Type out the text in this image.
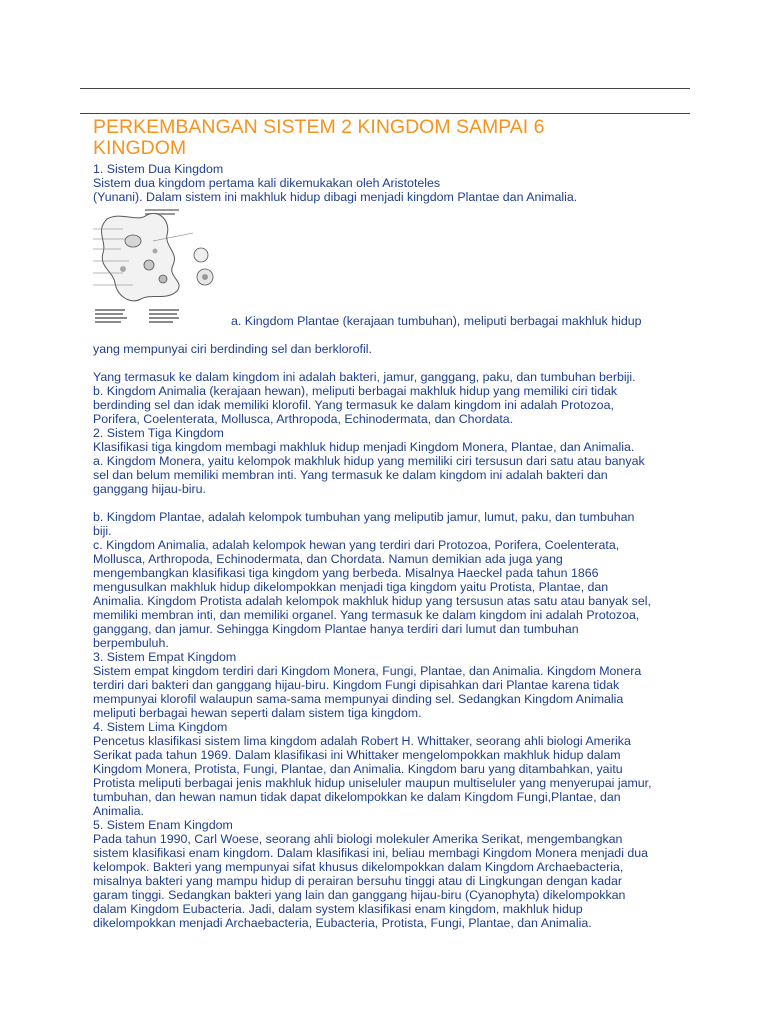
PERKEMBANGAN SISTEM 2 KINGDOM SAMPAI 6
KINGDOM
1. Sistem Dua Kingdom
Sistem dua kingdom pertama kali dikemukakan oleh Aristoteles
(Yunani). Dalam sistem ini makhluk hidup dibagi menjadi kingdom Plantae dan Animalia.
a. Kingdom Plantae (kerajaan tumbuhan), meliputi berbagai makhluk hidup
yang mempunyai ciri berdinding sel dan berklorofil.
Yang termasuk ke dalam kingdom ini adalah bakteri, jamur, ganggang, paku, dan tumbuhan berbiji.
b. Kingdom Animalia (kerajaan hewan), meliputi berbagai makhluk hidup yang memiliki ciri tidak
berdinding sel dan idak memiliki klorofil. Yang termasuk ke dalam kingdom ini adalah Protozoa,
Porifera, Coelenterata, Mollusca, Arthropoda, Echinodermata, dan Chordata.
2. Sistem Tiga Kingdom
Klasifikasi tiga kingdom membagi makhluk hidup menjadi Kingdom Monera, Plantae, dan Animalia.
a. Kingdom Monera, yaitu kelompok makhluk hidup yang memiliki ciri tersusun dari satu atau banyak
sel dan belum memiliki membran inti. Yang termasuk ke dalam kingdom ini adalah bakteri dan
ganggang hijau-biru.
b. Kingdom Plantae, adalah kelompok tumbuhan yang meliputib jamur, lumut, paku, dan tumbuhan
biji.
c. Kingdom Animalia, adalah kelompok hewan yang terdiri dari Protozoa, Porifera, Coelenterata,
Mollusca, Arthropoda, Echinodermata, dan Chordata. Namun demikian ada juga yang
mengembangkan klasifikasi tiga kingdom yang berbeda. Misalnya Haeckel pada tahun 1866
mengusulkan makhluk hidup dikelompokkan menjadi tiga kingdom yaitu Protista, Plantae, dan
Animalia. Kingdom Protista adalah kelompok makhluk hidup yang tersusun atas satu atau banyak sel,
memiliki membran inti, dan memiliki organel. Yang termasuk ke dalam kingdom ini adalah Protozoa,
ganggang, dan jamur. Sehingga Kingdom Plantae hanya terdiri dari lumut dan tumbuhan
berpembuluh.
3. Sistem Empat Kingdom
Sistem empat kingdom terdiri dari Kingdom Monera, Fungi, Plantae, dan Animalia. Kingdom Monera
terdiri dari bakteri dan ganggang hijau-biru. Kingdom Fungi dipisahkan dari Plantae karena tidak
mempunyai klorofil walaupun sama-sama mempunyai dinding sel. Sedangkan Kingdom Animalia
meliputi berbagai hewan seperti dalam sistem tiga kingdom.
4. Sistem Lima Kingdom
Pencetus klasifikasi sistem lima kingdom adalah Robert H. Whittaker, seorang ahli biologi Amerika
Serikat pada tahun 1969. Dalam klasifikasi ini Whittaker mengelompokkan makhluk hidup dalam
Kingdom Monera, Protista, Fungi, Plantae, dan Animalia. Kingdom baru yang ditambahkan, yaitu
Protista meliputi berbagai jenis makhluk hidup uniseluler maupun multiseluler yang menyerupai jamur,
tumbuhan, dan hewan namun tidak dapat dikelompokkan ke dalam Kingdom Fungi,Plantae, dan
Animalia.
5. Sistem Enam Kingdom
Pada tahun 1990, Carl Woese, seorang ahli biologi molekuler Amerika Serikat, mengembangkan
sistem klasifikasi enam kingdom. Dalam klasifikasi ini, beliau membagi Kingdom Monera menjadi dua
kelompok. Bakteri yang mempunyai sifat khusus dikelompokkan dalam Kingdom Archaebacteria,
misalnya bakteri yang mampu hidup di perairan bersuhu tinggi atau di Lingkungan dengan kadar
garam tinggi. Sedangkan bakteri yang lain dan ganggang hijau-biru (Cyanophyta) dikelompokkan
dalam Kingdom Eubacteria. Jadi, dalam system klasifikasi enam kingdom, makhluk hidup
dikelompokkan menjadi Archaebacteria, Eubacteria, Protista, Fungi, Plantae, dan Animalia.
